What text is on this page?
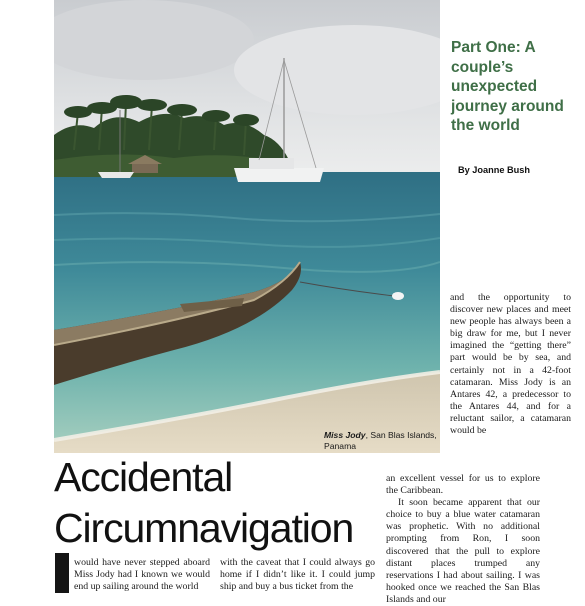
Miss Jody, San Blas Islands, Panama
Part One: A couple’s unexpected journey around the world
By Joanne Bush

and the opportunity to discover new places and meet new people has always been a big draw for me, but I never imagined the “getting there” part would be by sea, and certainly not in a 42-foot catamaran. Miss Jody is an Antares 42, a predecessor to the Antares 44, and for a reluctant sailor, a catamaran would be

Accidental
Circumnavigation

an excellent vessel for us to explore the Caribbean.

It soon became apparent that our choice to buy a blue water catamaran was prophetic. With no additional prompting from Ron, I soon discovered that the pull to explore distant places trumped any reservations I had about sailing. I was hooked once we reached the San Blas Islands and our

would have never stepped aboard Miss Jody had I known we would end up sailing around the world

with the caveat that I could always go home if I didn’t like it. I could jump ship and buy a bus ticket from the
